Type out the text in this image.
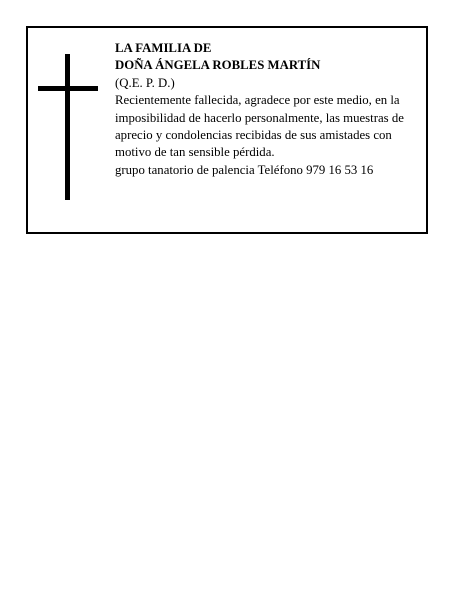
LA FAMILIA DE
DOÑA ÁNGELA ROBLES MARTÍN
(Q.E. P. D.)
Recientemente fallecida, agradece por este medio, en la imposibilidad de hacerlo personalmente, las muestras de aprecio y condolencias recibidas de sus amistades con motivo de tan sensible pérdida.
grupo tanatorio de palencia Teléfono 979 16 53 16
